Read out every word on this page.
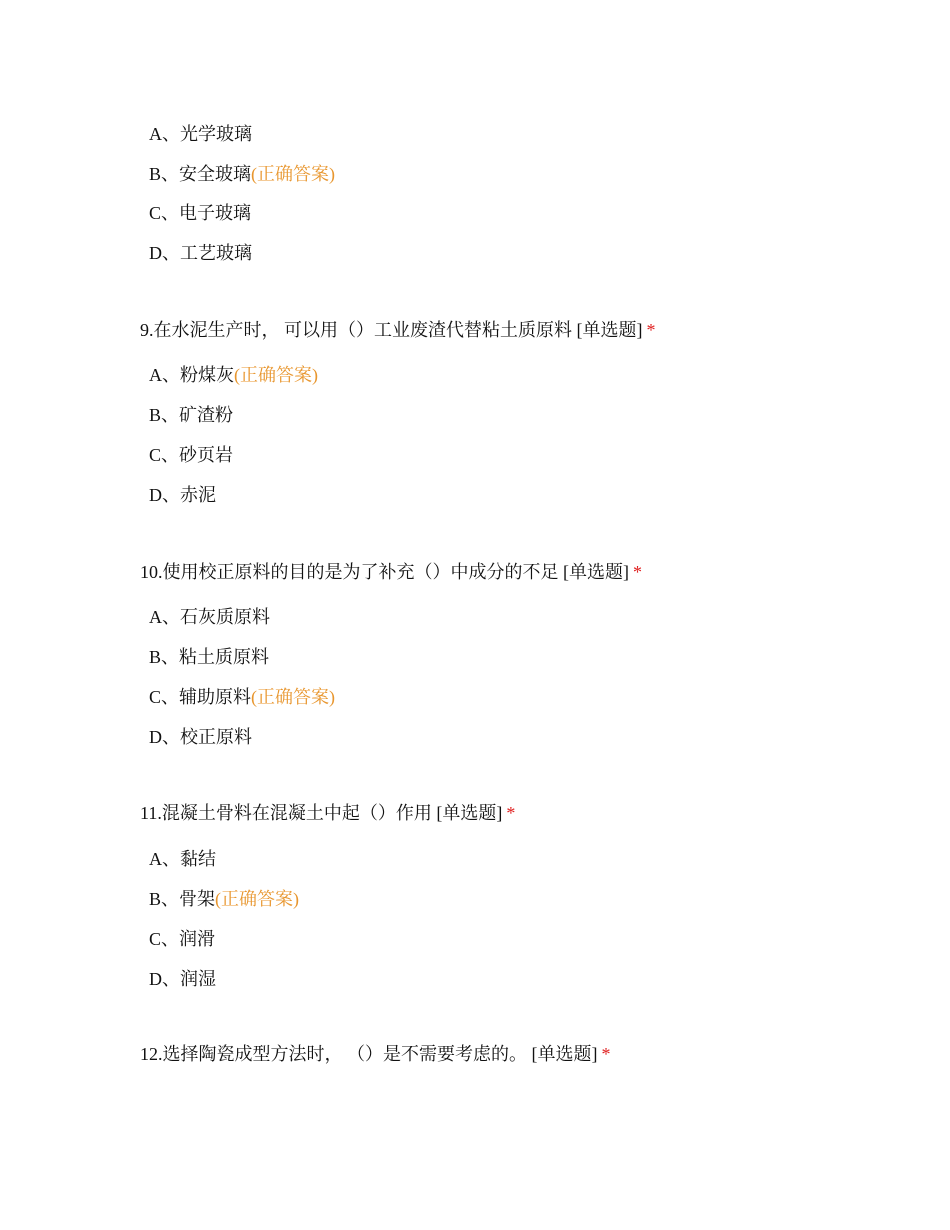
A、光学玻璃
B、安全玻璃(正确答案)
C、电子玻璃
D、工艺玻璃
9.在水泥生产时， 可以用（）工业废渣代替粘土质原料 [单选题] *
A、粉煤灰(正确答案)
B、矿渣粉
C、砂页岩
D、赤泥
10.使用校正原料的目的是为了补充（）中成分的不足 [单选题] *
A、石灰质原料
B、粘土质原料
C、辅助原料(正确答案)
D、校正原料
11.混凝土骨料在混凝土中起（）作用 [单选题] *
A、黏结
B、骨架(正确答案)
C、润滑
D、润湿
12.选择陶瓷成型方法时， （）是不需要考虑的。 [单选题] *
